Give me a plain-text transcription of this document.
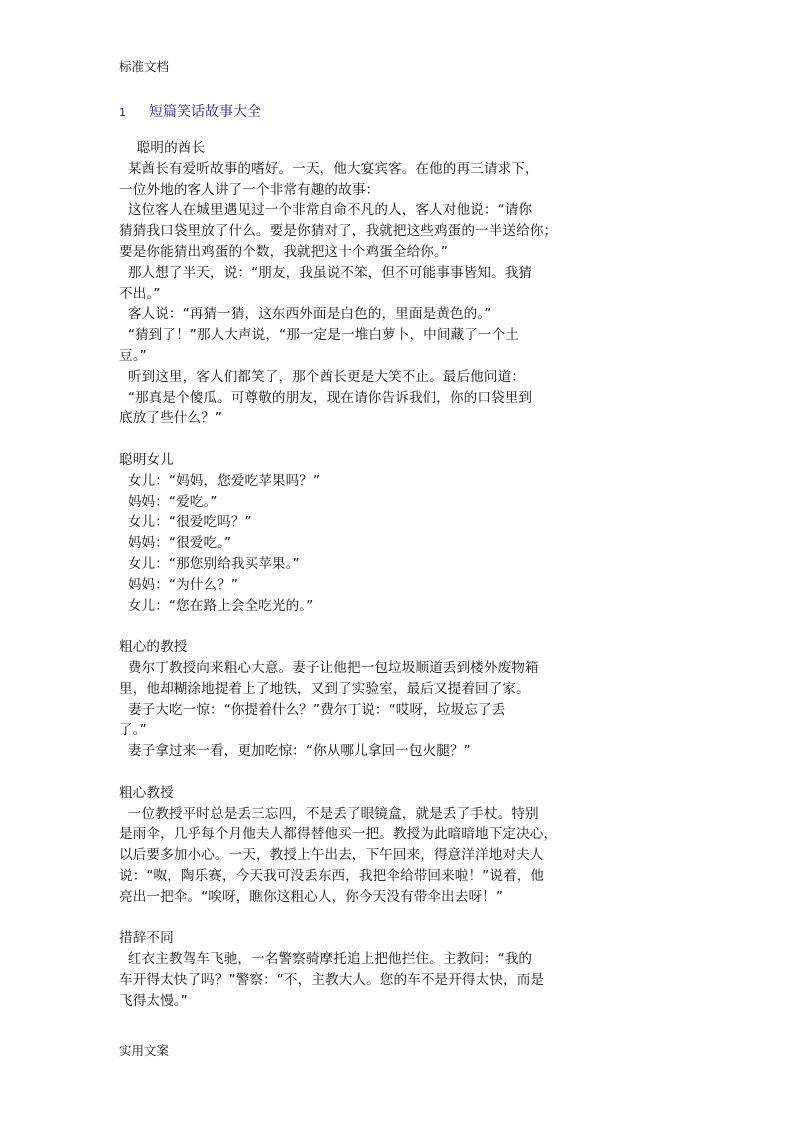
标准文档
1 短篇笑话故事大全
聪明的酋长
某酋长有爱听故事的嗜好。一天，他大宴宾客。在他的再三请求下，
一位外地的客人讲了一个非常有趣的故事：
这位客人在城里遇见过一个非常自命不凡的人，客人对他说：“请你
猜猜我口袋里放了什么。要是你猜对了，我就把这些鸡蛋的一半送给你；
要是你能猜出鸡蛋的个数，我就把这十个鸡蛋全给你。”
那人想了半天，说：“朋友，我虽说不笨，但不可能事事皆知。我猜
不出。”
客人说：“再猜一猜，这东西外面是白色的，里面是黄色的。”
“猜到了！”那人大声说，“那一定是一堆白萝卜，中间藏了一个土
豆。”
听到这里，客人们都笑了，那个酋长更是大笑不止。最后他问道：
“那真是个傻瓜。可尊敬的朋友，现在请你告诉我们，你的口袋里到
底放了些什么？”
聪明女儿
女儿：“妈妈，您爱吃苹果吗？”
妈妈：“爱吃。”
女儿：“很爱吃吗？”
妈妈：“很爱吃。”
女儿：“那您别给我买苹果。”
妈妈：“为什么？”
女儿：“您在路上会全吃光的。”
粗心的教授
费尔丁教授向来粗心大意。妻子让他把一包垃圾顺道丢到楼外废物箱
里，他却糊涂地提着上了地铁，又到了实验室，最后又提着回了家。
妻子大吃一惊：“你提着什么？”费尔丁说：“哎呀，垃圾忘了丢
了。”
妻子拿过来一看，更加吃惊：“你从哪儿拿回一包火腿？”
粗心教授
一位教授平时总是丢三忘四，不是丢了眼镜盒，就是丢了手杖。特别
是雨伞，几乎每个月他夫人都得替他买一把。教授为此暗暗地下定决心，
以后要多加小心。一天，教授上午出去，下午回来，得意洋洋地对夫人
说：“呶，陶乐赛，今天我可没丢东西，我把伞给带回来啦！”说着，他
亮出一把伞。“唉呀，瞧你这粗心人，你今天没有带伞出去呀！”
措辞不同
红衣主教驾车飞驰，一名警察骑摩托追上把他拦住。主教问：“我的
车开得太快了吗？”警察：“不，主教大人。您的车不是开得太快，而是
飞得太慢。”
实用文案
